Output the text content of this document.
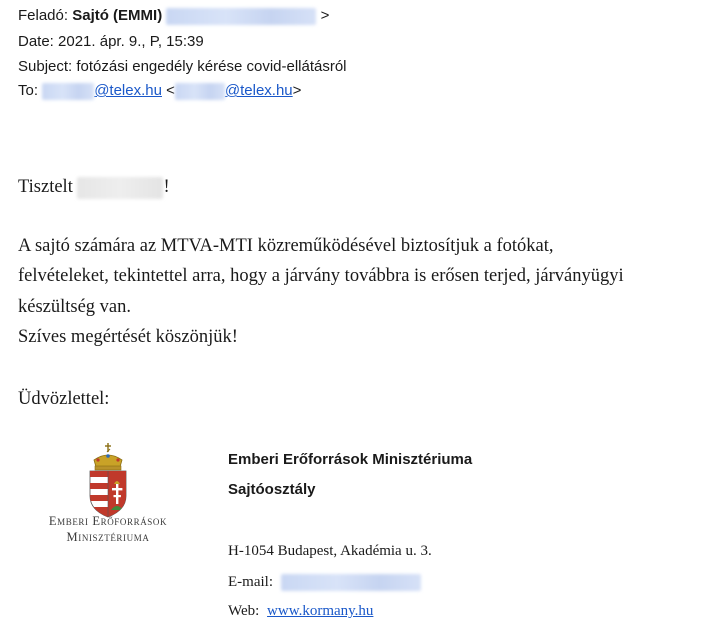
Feladó: Sajtó (EMMI)	>
Date: 2021. ápr. 9., P, 15:39
Subject: fotózási engedély kérése covid-ellátásról
To:	@telex.hu <	@telex.hu>
Tisztelt	!
A sajtó számára az MTVA-MTI közreműködésével biztosítjuk a fotókat,
felvételeket, tekintettel arra, hogy a járvány továbbra is erősen terjed, járványügyi
készültség van.
Szíves megértését köszönjük!
Üdvözlettel:
Emberi Erőforrások
Minisztériuma
Emberi Erőforrások Minisztériuma
Sajtóosztály
H-1054 Budapest, Akadémia u. 3.
E-mail:
Web: www.kormany.hu
